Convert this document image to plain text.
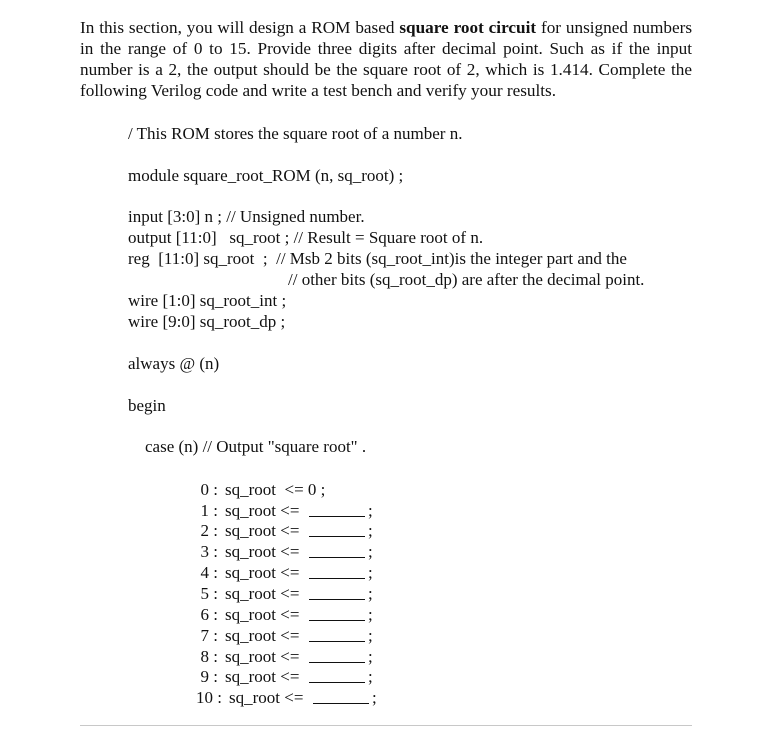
In this section, you will design a ROM based square root circuit for unsigned numbers in the range of 0 to 15. Provide three digits after decimal point. Such as if the input number is a 2, the output should be the square root of 2, which is 1.414. Complete the following Verilog code and write a test bench and verify your results.
/ This ROM stores the square root of a number n.
module square_root_ROM (n, sq_root) ;
input [3:0] n ; // Unsigned number.
output [11:0]   sq_root ; // Result = Square root of n.
reg  [11:0] sq_root  ;  // Msb 2 bits (sq_root_int)is the integer part and the
// other bits (sq_root_dp) are after the decimal point.
wire [1:0] sq_root_int ;
wire [9:0] sq_root_dp ;
always @ (n)
begin
case (n) // Output "square root" .
0 : sq_root  <= 0 ;
1 : sq_root <=	;
2 : sq_root <=	;
3 : sq_root <=	;
4 : sq_root <=	;
5 : sq_root <=	;
6 : sq_root <=	;
7 : sq_root <=	;
8 : sq_root <=	;
9 : sq_root <=	;
10 : sq_root <=	;
